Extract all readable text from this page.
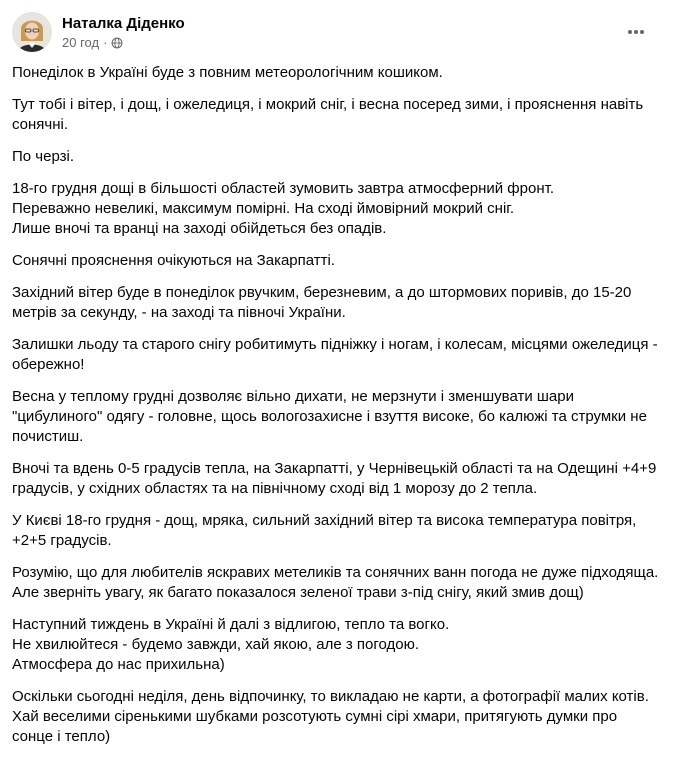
Наталка Діденко
20 год ·

Понеділок в Україні буде з повним метеорологічним кошиком.

Тут тобі і вітер, і дощ, і ожеледиця, і мокрий сніг, і весна посеред зими, і прояснення навіть сонячні.

По черзі.

18-го грудня дощі в більшості областей зумовить завтра атмосферний фронт.
Переважно невеликі, максимум помірні. На сході ймовірний мокрий сніг.
Лише вночі та вранці на заході обійдеться без опадів.

Сонячні прояснення очікуються на Закарпатті.

Західний вітер буде в понеділок рвучким, березневим, а до штормових поривів, до 15-20 метрів за секунду, - на заході та півночі України.

Залишки льоду та старого снігу робитимуть підніжку і ногам, і колесам, місцями ожеледиця - обережно!

Весна у теплому грудні дозволяє вільно дихати, не мерзнути і зменшувати шари "цибулиного" одягу - головне, щось вологозахисне і взуття високе, бо калюжі та струмки не почистиш.

Вночі та вдень 0-5 градусів тепла, на Закарпатті, у Чернівецькій області та на Одещині +4+9 градусів, у східних областях та на північному сході від 1 морозу до 2 тепла.

У Києві 18-го грудня - дощ, мряка, сильний західний вітер та висока температура повітря, +2+5 градусів.

Розумію, що для любителів яскравих метеликів та сонячних ванн погода не дуже підходяща.
Але зверніть увагу, як багато показалося зеленої трави з-під снігу, який змив дощ)

Наступний тиждень в Україні й далі з відлигою, тепло та вогко.
Не хвилюйтеся - будемо завжди, хай якою, але з погодою.
Атмосфера до нас прихильна)

Оскільки сьогодні неділя, день відпочинку, то викладаю не карти, а фотографії малих котів.
Хай веселими сіренькими шубками розсотують сумні сірі хмари, притягують думки про сонце і тепло)
